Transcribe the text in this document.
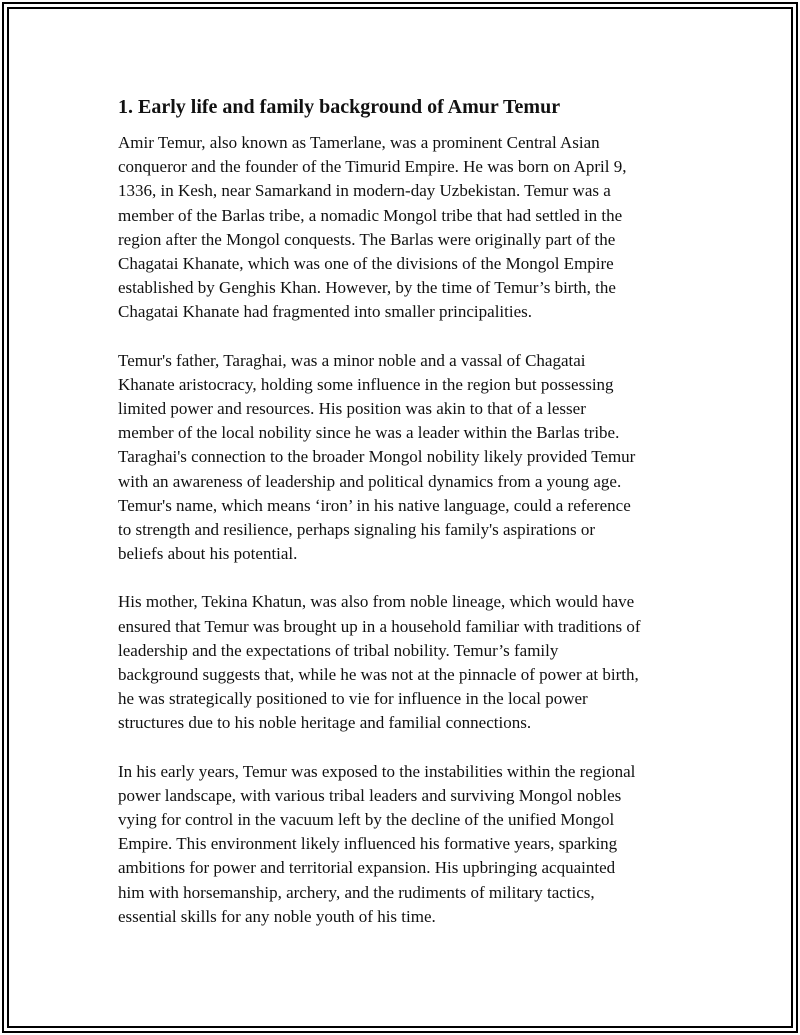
1. Early life and family background of Amur Temur

Amir Temur, also known as Tamerlane, was a prominent Central Asian
conqueror and the founder of the Timurid Empire. He was born on April 9,
1336, in Kesh, near Samarkand in modern-day Uzbekistan. Temur was a
member of the Barlas tribe, a nomadic Mongol tribe that had settled in the
region after the Mongol conquests. The Barlas were originally part of the
Chagatai Khanate, which was one of the divisions of the Mongol Empire
established by Genghis Khan. However, by the time of Temur’s birth, the
Chagatai Khanate had fragmented into smaller principalities.

Temur's father, Taraghai, was a minor noble and a vassal of Chagatai
Khanate aristocracy, holding some influence in the region but possessing
limited power and resources. His position was akin to that of a lesser
member of the local nobility since he was a leader within the Barlas tribe.
Taraghai's connection to the broader Mongol nobility likely provided Temur
with an awareness of leadership and political dynamics from a young age.
Temur's name, which means ‘iron’ in his native language, could a reference
to strength and resilience, perhaps signaling his family's aspirations or
beliefs about his potential.

His mother, Tekina Khatun, was also from noble lineage, which would have
ensured that Temur was brought up in a household familiar with traditions of
leadership and the expectations of tribal nobility. Temur’s family
background suggests that, while he was not at the pinnacle of power at birth,
he was strategically positioned to vie for influence in the local power
structures due to his noble heritage and familial connections.

In his early years, Temur was exposed to the instabilities within the regional
power landscape, with various tribal leaders and surviving Mongol nobles
vying for control in the vacuum left by the decline of the unified Mongol
Empire. This environment likely influenced his formative years, sparking
ambitions for power and territorial expansion. His upbringing acquainted
him with horsemanship, archery, and the rudiments of military tactics,
essential skills for any noble youth of his time.
